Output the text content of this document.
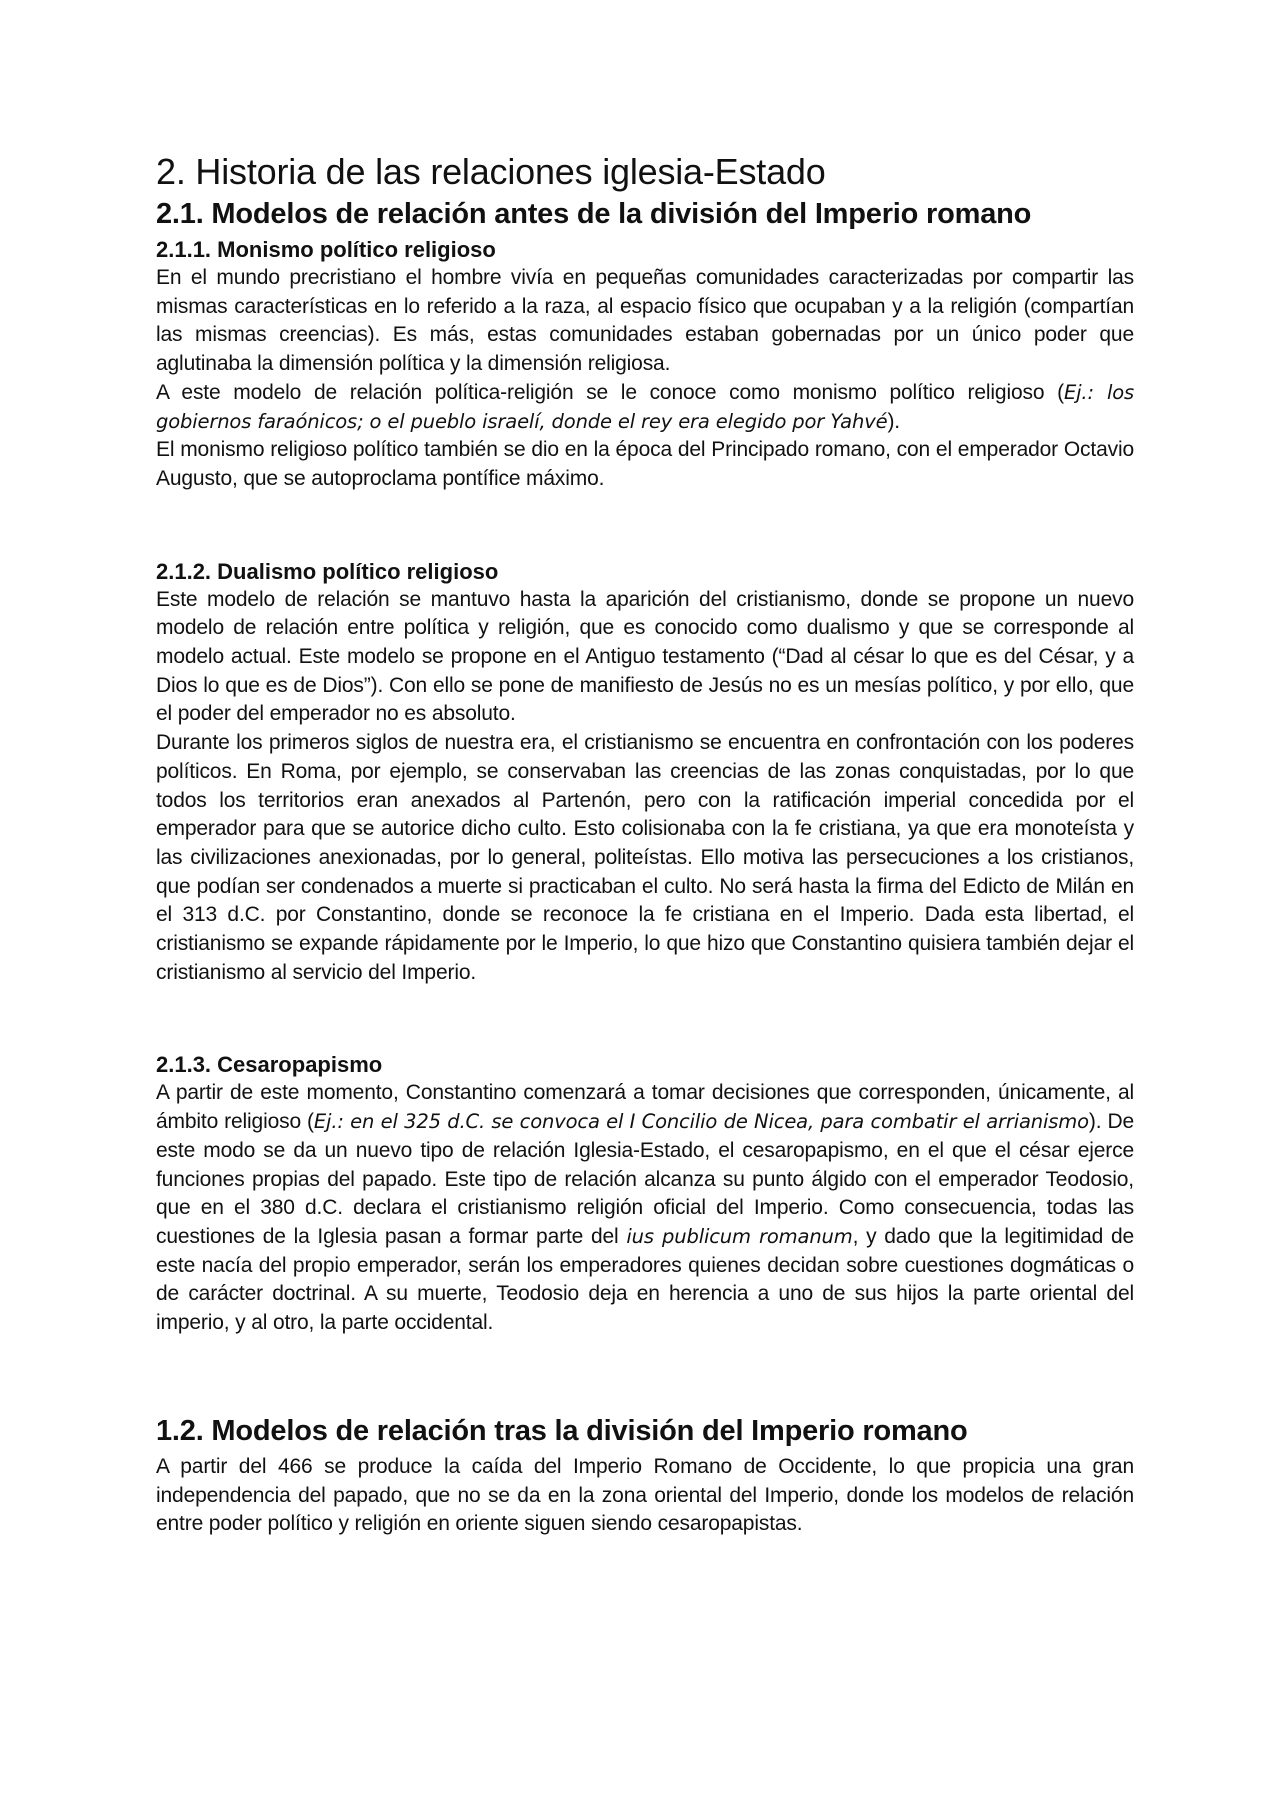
2. Historia de las relaciones iglesia-Estado
2.1. Modelos de relación antes de la división del Imperio romano
2.1.1. Monismo político religioso

En el mundo precristiano el hombre vivía en pequeñas comunidades caracterizadas por compartir las mismas características en lo referido a la raza, al espacio físico que ocupaban y a la religión (compartían las mismas creencias). Es más, estas comunidades estaban gobernadas por un único poder que aglutinaba la dimensión política y la dimensión religiosa.

A este modelo de relación política-religión se le conoce como monismo político religioso (Ej.: los gobiernos faraónicos; o el pueblo israelí, donde el rey era elegido por Yahvé).

El monismo religioso político también se dio en la época del Principado romano, con el emperador Octavio Augusto, que se autoproclama pontífice máximo.

2.1.2. Dualismo político religioso

Este modelo de relación se mantuvo hasta la aparición del cristianismo, donde se propone un nuevo modelo de relación entre política y religión, que es conocido como dualismo y que se corresponde al modelo actual. Este modelo se propone en el Antiguo testamento (“Dad al césar lo que es del César, y a Dios lo que es de Dios”). Con ello se pone de manifiesto de Jesús no es un mesías político, y por ello, que el poder del emperador no es absoluto.

Durante los primeros siglos de nuestra era, el cristianismo se encuentra en confrontación con los poderes políticos. En Roma, por ejemplo, se conservaban las creencias de las zonas conquistadas, por lo que todos los territorios eran anexados al Partenón, pero con la ratificación imperial concedida por el emperador para que se autorice dicho culto. Esto colisionaba con la fe cristiana, ya que era monoteísta y las civilizaciones anexionadas, por lo general, politeístas. Ello motiva las persecuciones a los cristianos, que podían ser condenados a muerte si practicaban el culto. No será hasta la firma del Edicto de Milán en el 313 d.C. por Constantino, donde se reconoce la fe cristiana en el Imperio. Dada esta libertad, el cristianismo se expande rápidamente por le Imperio, lo que hizo que Constantino quisiera también dejar el cristianismo al servicio del Imperio.

2.1.3. Cesaropapismo

A partir de este momento, Constantino comenzará a tomar decisiones que corresponden, únicamente, al ámbito religioso (Ej.: en el 325 d.C. se convoca el I Concilio de Nicea, para combatir el arrianismo). De este modo se da un nuevo tipo de relación Iglesia-Estado, el cesaropapismo, en el que el césar ejerce funciones propias del papado. Este tipo de relación alcanza su punto álgido con el emperador Teodosio, que en el 380 d.C. declara el cristianismo religión oficial del Imperio. Como consecuencia, todas las cuestiones de la Iglesia pasan a formar parte del ius publicum romanum, y dado que la legitimidad de este nacía del propio emperador, serán los emperadores quienes decidan sobre cuestiones dogmáticas o de carácter doctrinal. A su muerte, Teodosio deja en herencia a uno de sus hijos la parte oriental del imperio, y al otro, la parte occidental.

1.2. Modelos de relación tras la división del Imperio romano

A partir del 466 se produce la caída del Imperio Romano de Occidente, lo que propicia una gran independencia del papado, que no se da en la zona oriental del Imperio, donde los modelos de relación entre poder político y religión en oriente siguen siendo cesaropapistas.
